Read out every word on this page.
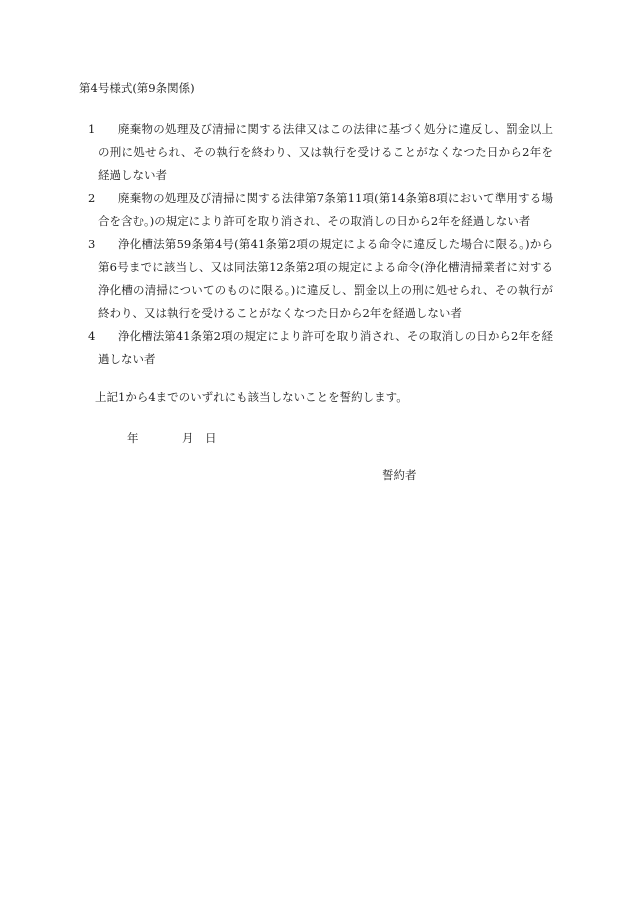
第4号様式(第9条関係)
1	廃棄物の処理及び清掃に関する法律又はこの法律に基づく処分に違反し、罰金以上の刑に処せられ、その執行を終わり、又は執行を受けることがなくなつた日から2年を経過しない者
2	廃棄物の処理及び清掃に関する法律第7条第11項(第14条第8項において準用する場合を含む。)の規定により許可を取り消され、その取消しの日から2年を経過しない者
3	浄化槽法第59条第4号(第41条第2項の規定による命令に違反した場合に限る。)から第6号までに該当し、又は同法第12条第2項の規定による命令(浄化槽清掃業者に対する浄化槽の清掃についてのものに限る。)に違反し、罰金以上の刑に処せられ、その執行が終わり、又は執行を受けることがなくなつた日から2年を経過しない者
4	浄化槽法第41条第2項の規定により許可を取り消され、その取消しの日から2年を経過しない者
上記1から4までのいずれにも該当しないことを誓約します。
年	月 日
誓約者
